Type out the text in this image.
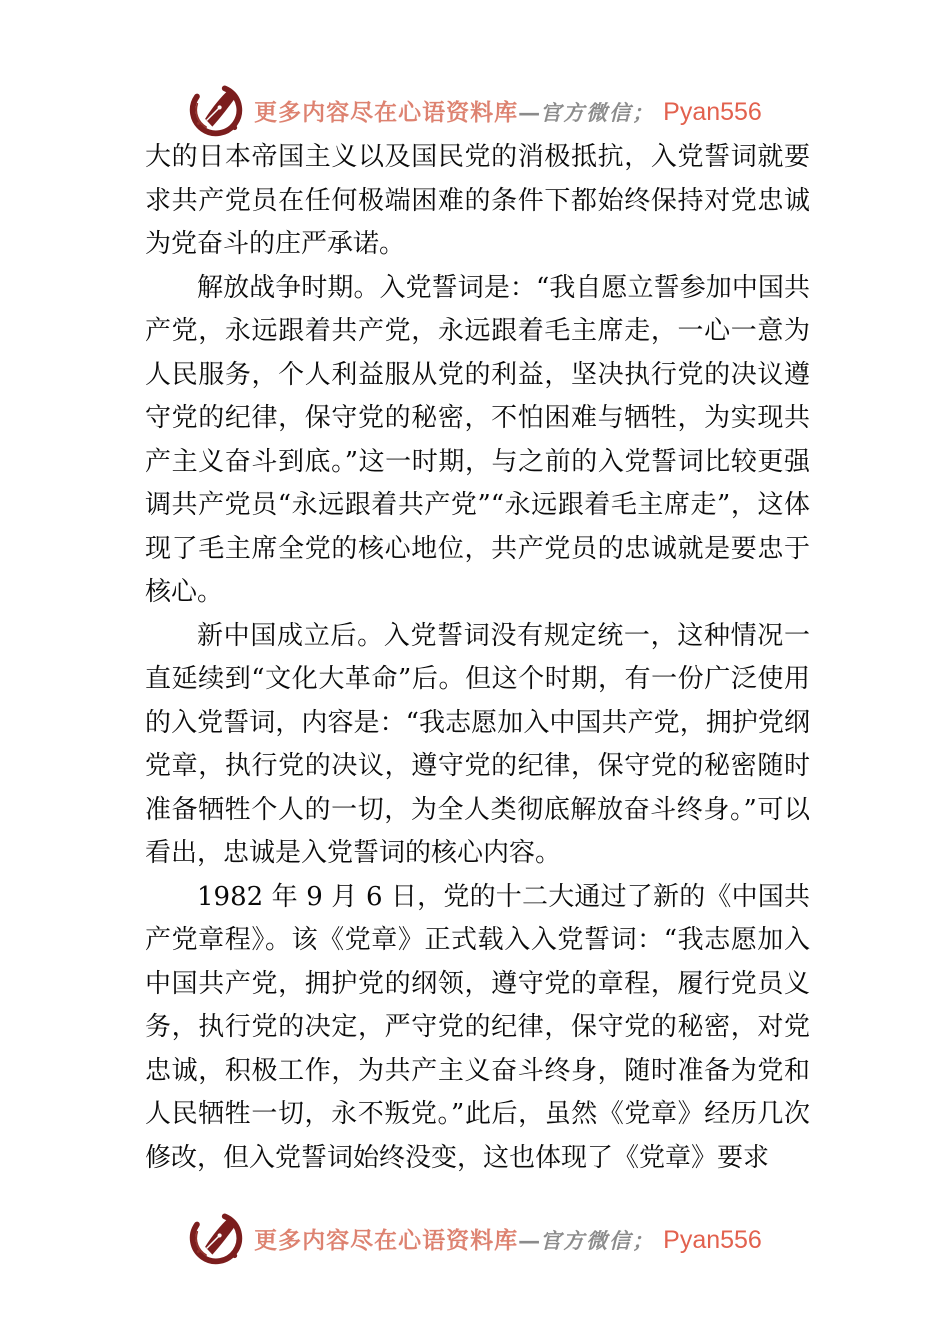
更多内容尽在心语资料库 — 官方微信； Pyan556

大的日本帝国主义以及国民党的消极抵抗，入党誓词就要求共产党员在任何极端困难的条件下都始终保持对党忠诚为党奋斗的庄严承诺。

解放战争时期。入党誓词是：“我自愿立誓参加中国共产党，永远跟着共产党，永远跟着毛主席走，一心一意为人民服务，个人利益服从党的利益，坚决执行党的决议遵守党的纪律，保守党的秘密，不怕困难与牺牲，为实现共产主义奋斗到底。”这一时期，与之前的入党誓词比较更强调共产党员“永远跟着共产党”“永远跟着毛主席走”，这体现了毛主席全党的核心地位，共产党员的忠诚就是要忠于核心。

新中国成立后。入党誓词没有规定统一，这种情况一直延续到“文化大革命”后。但这个时期，有一份广泛使用的入党誓词，内容是：“我志愿加入中国共产党，拥护党纲党章，执行党的决议，遵守党的纪律，保守党的秘密随时准备牺牲个人的一切，为全人类彻底解放奋斗终身。”可以看出，忠诚是入党誓词的核心内容。

1982 年 9 月 6 日，党的十二大通过了新的《中国共产党章程》。该《党章》正式载入入党誓词：“我志愿加入中国共产党，拥护党的纲领，遵守党的章程，履行党员义务，执行党的决定，严守党的纪律，保守党的秘密，对党忠诚，积极工作，为共产主义奋斗终身，随时准备为党和人民牺牲一切，永不叛党。”此后，虽然《党章》经历几次修改，但入党誓词始终没变，这也体现了《党章》要求

更多内容尽在心语资料库 — 官方微信； Pyan556
